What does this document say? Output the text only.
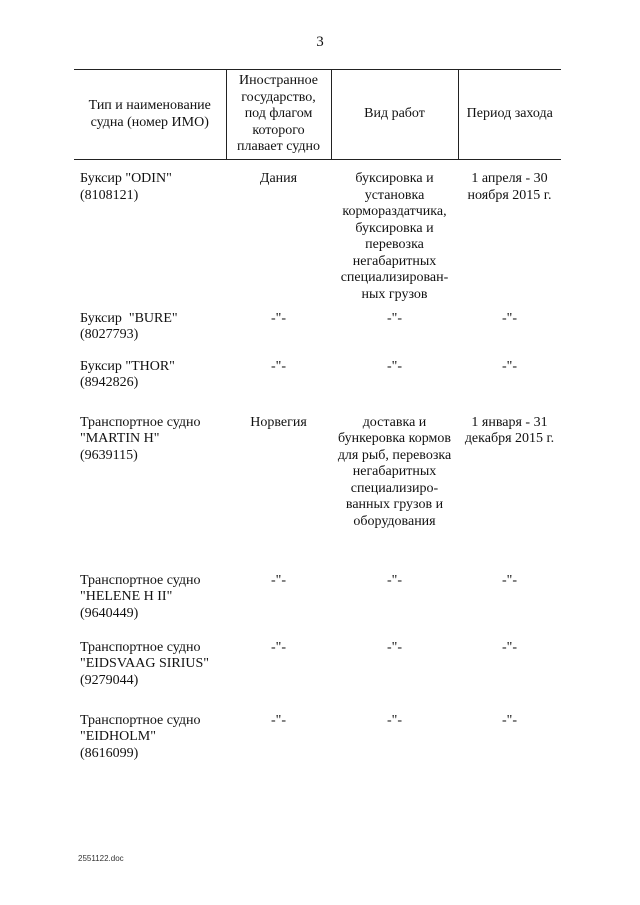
3
Тип и наименование судна (номер ИМО)	Иностранное государство, под флагом которого плавает судно	Вид работ	Период захода

Буксир "ODIN"
(8108121)	Дания	буксировка и установка кормораздатчика, буксировка и перевозка негабаритных специализирован-ных грузов	1 апреля - 30 ноября 2015 г.

Буксир "BURE"
(8027793)	-"-	-"-	-"-

Буксир "THOR"
(8942826)	-"-	-"-	-"-

Транспортное судно
"MARTIN H"
(9639115)	Норвегия	доставка и бункеровка кормов для рыб, перевозка негабаритных специализиро-ванных грузов и оборудования	1 января - 31 декабря 2015 г.

Транспортное судно
"HELENE H II"
(9640449)	-"-	-"-	-"-

Транспортное судно
"EIDSVAAG SIRIUS"
(9279044)	-"-	-"-	-"-

Транспортное судно
"EIDHOLM"
(8616099)	-"-	-"-	-"-
2551122.doc
